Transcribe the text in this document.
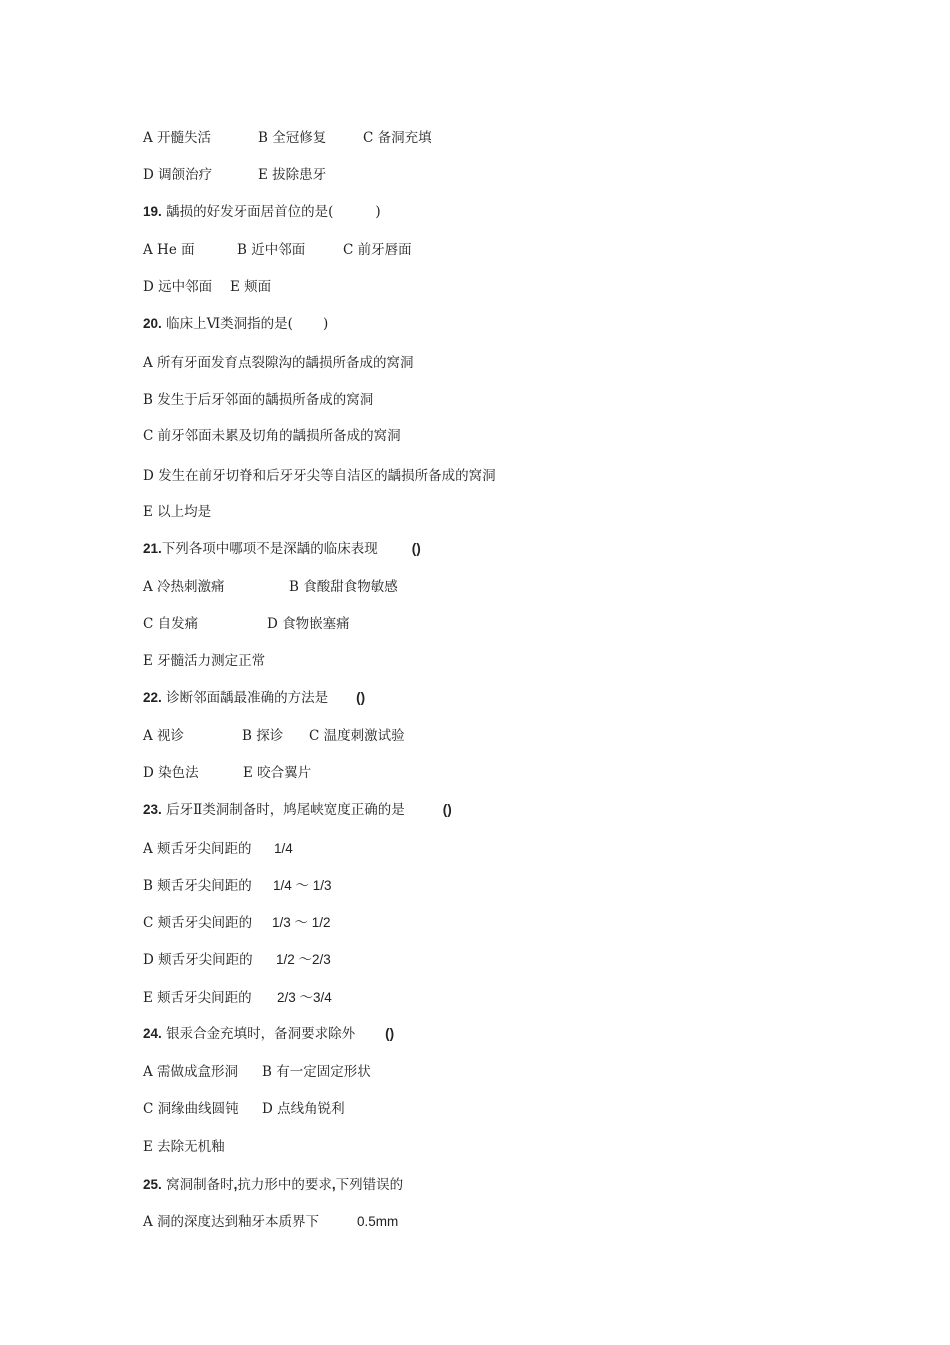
A 开髓失活	B 全冠修复	C 备洞充填
D 调颌治疗	E 拔除患牙
19. 龋损的好发牙面居首位的是(	)
A He 面	B 近中邻面	C 前牙唇面
D 远中邻面 E 颊面
20. 临床上Ⅵ类洞指的是( )
A 所有牙面发育点裂隙沟的龋损所备成的窝洞
B 发生于后牙邻面的龋损所备成的窝洞
C 前牙邻面未累及切角的龋损所备成的窝洞
D 发生在前牙切脊和后牙牙尖等自洁区的龋损所备成的窝洞
E 以上均是
21.下列各项中哪项不是深龋的临床表现	()
A 冷热刺激痛	B 食酸甜食物敏感
C 自发痛	D 食物嵌塞痛
E 牙髓活力测定正常
22. 诊断邻面龋最准确的方法是 ()
A 视诊	B 探诊 C 温度刺激试验
D 染色法	E 咬合翼片
23. 后牙Ⅱ类洞制备时，鸠尾峡宽度正确的是	()
A 颊舌牙尖间距的 1/4
B 颊舌牙尖间距的 1/4 ～ 1/3
C 颊舌牙尖间距的 1/3 ～ 1/2
D 颊舌牙尖间距的 1/2 ～2/3
E 颊舌牙尖间距的 2/3 ～3/4
24. 银汞合金充填时，备洞要求除外 ()
A 需做成盒形洞 B 有一定固定形状
C 洞缘曲线圆钝 D 点线角锐利
E 去除无机釉
25. 窝洞制备时,抗力形中的要求,下列错误的
A 洞的深度达到釉牙本质界下	0.5mm
